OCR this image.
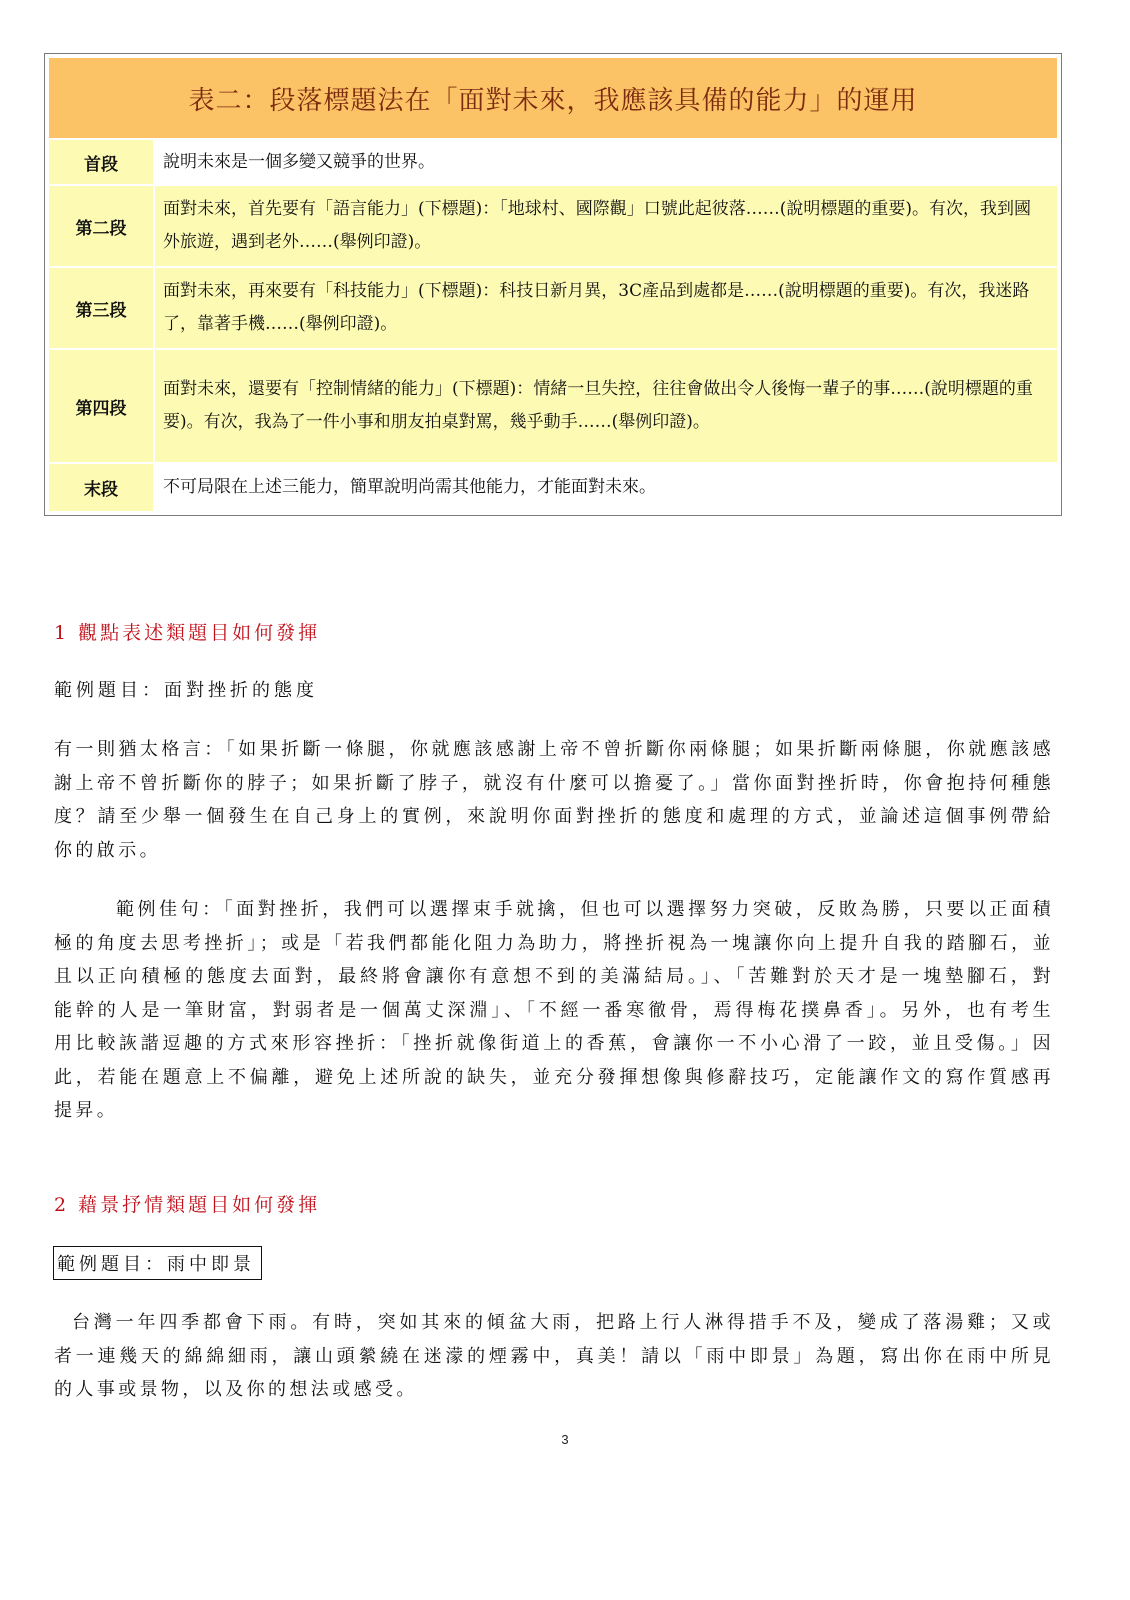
表二：段落標題法在「面對未來，我應該具備的能力」的運用
首段	說明未來是一個多變又競爭的世界。
第二段
面對未來，首先要有「語言能力」(下標題)：「地球村、國際觀」口號此起彼落……(說明標題的重要)。有次，我到國外旅遊，遇到老外……(舉例印證)。
第三段
面對未來，再來要有「科技能力」(下標題)：科技日新月異，3C產品到處都是……(說明標題的重要)。有次，我迷路了，靠著手機……(舉例印證)。
第四段
面對未來，還要有「控制情緒的能力」(下標題)：情緒一旦失控，往往會做出令人後悔一輩子的事……(說明標題的重要)。有次，我為了一件小事和朋友拍桌對罵，幾乎動手……(舉例印證)。
末段	不可局限在上述三能力，簡單說明尚需其他能力，才能面對未來。
1 觀點表述類題目如何發揮
範例題目：面對挫折的態度

有一則猶太格言：「如果折斷一條腿，你就應該感謝上帝不曾折斷你兩條腿；如果折斷兩條腿，你就應該感謝上帝不曾折斷你的脖子；如果折斷了脖子，就沒有什麼可以擔憂了。」當你面對挫折時，你會抱持何種態度？請至少舉一個發生在自己身上的實例，來說明你面對挫折的態度和處理的方式，並論述這個事例帶給你的啟示。

範例佳句：「面對挫折，我們可以選擇束手就擒，但也可以選擇努力突破，反敗為勝，只要以正面積極的角度去思考挫折」；或是「若我們都能化阻力為助力，將挫折視為一塊讓你向上提升自我的踏腳石，並且以正向積極的態度去面對，最終將會讓你有意想不到的美滿結局。」、「苦難對於天才是一塊墊腳石，對能幹的人是一筆財富，對弱者是一個萬丈深淵」、「不經一番寒徹骨，焉得梅花撲鼻香」。另外，也有考生用比較詼諧逗趣的方式來形容挫折：「挫折就像街道上的香蕉，會讓你一不小心滑了一跤，並且受傷。」因此，若能在題意上不偏離，避免上述所說的缺失，並充分發揮想像與修辭技巧，定能讓作文的寫作質感再提昇。

2 藉景抒情類題目如何發揮
範例題目：雨中即景

台灣一年四季都會下雨。有時，突如其來的傾盆大雨，把路上行人淋得措手不及，變成了落湯雞；又或者一連幾天的綿綿細雨，讓山頭縈繞在迷濛的煙霧中，真美！請以「雨中即景」為題，寫出你在雨中所見的人事或景物，以及你的想法或感受。

3
